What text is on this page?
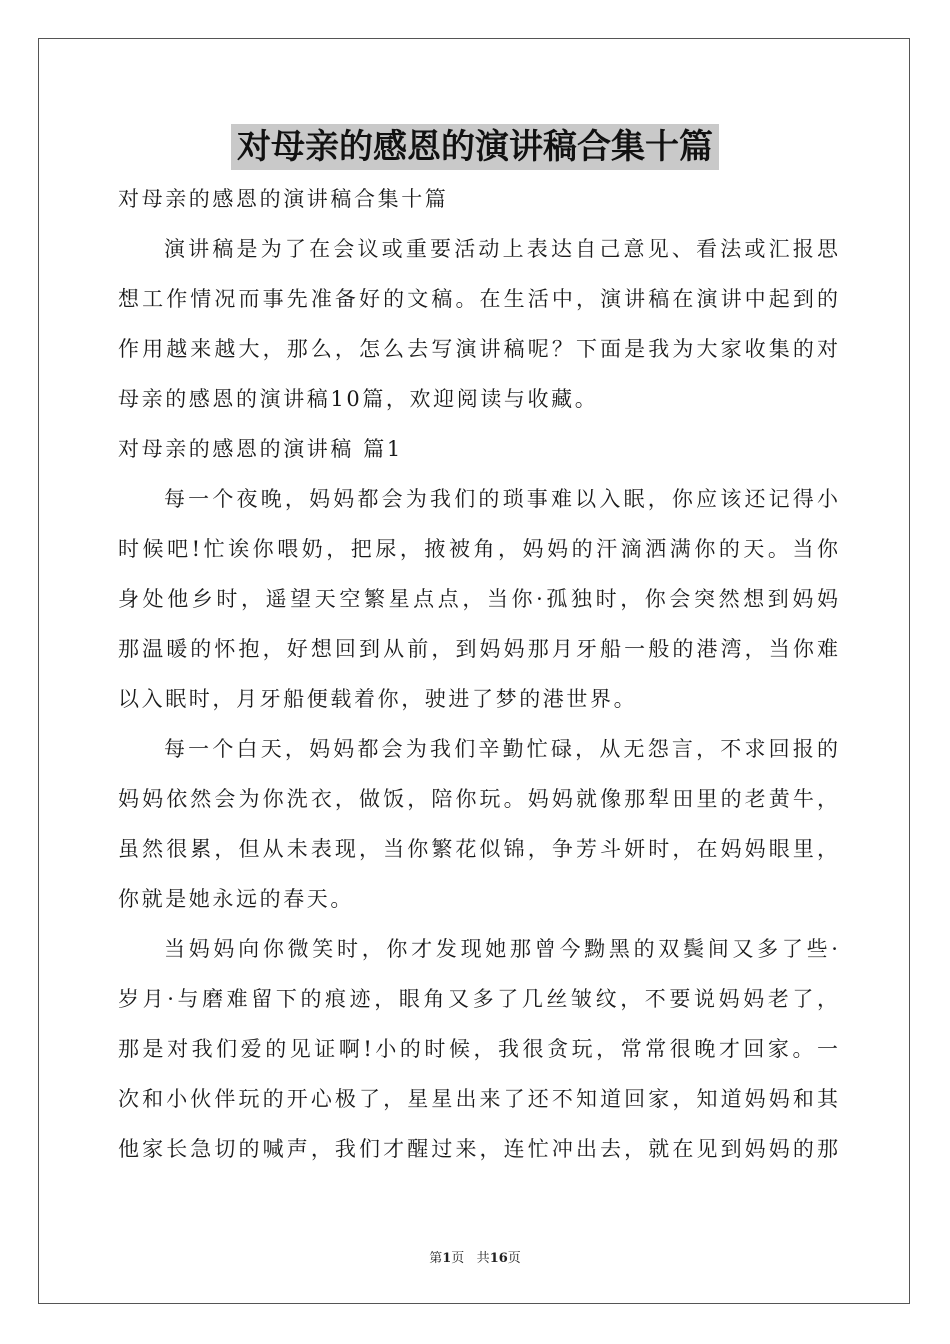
对母亲的感恩的演讲稿合集十篇
对母亲的感恩的演讲稿合集十篇
演讲稿是为了在会议或重要活动上表达自己意见、看法或汇报思
想工作情况而事先准备好的文稿。在生活中，演讲稿在演讲中起到的
作用越来越大，那么，怎么去写演讲稿呢？下面是我为大家收集的对
母亲的感恩的演讲稿10篇，欢迎阅读与收藏。
对母亲的感恩的演讲稿 篇1
每一个夜晚，妈妈都会为我们的琐事难以入眠，你应该还记得小
时候吧!忙诶你喂奶，把尿，掖被角，妈妈的汗滴洒满你的天。当你
身处他乡时，遥望天空繁星点点，当你·孤独时，你会突然想到妈妈
那温暖的怀抱，好想回到从前，到妈妈那月牙船一般的港湾，当你难
以入眠时，月牙船便载着你，驶进了梦的港世界。
每一个白天，妈妈都会为我们辛勤忙碌，从无怨言，不求回报的
妈妈依然会为你洗衣，做饭，陪你玩。妈妈就像那犁田里的老黄牛，
虽然很累，但从未表现，当你繁花似锦，争芳斗妍时，在妈妈眼里，
你就是她永远的春天。
当妈妈向你微笑时，你才发现她那曾今黝黑的双鬓间又多了些·
岁月·与磨难留下的痕迹，眼角又多了几丝皱纹，不要说妈妈老了，
那是对我们爱的见证啊!小的时候，我很贪玩，常常很晚才回家。一
次和小伙伴玩的开心极了，星星出来了还不知道回家，知道妈妈和其
他家长急切的喊声，我们才醒过来，连忙冲出去，就在见到妈妈的那
第1页 共16页
